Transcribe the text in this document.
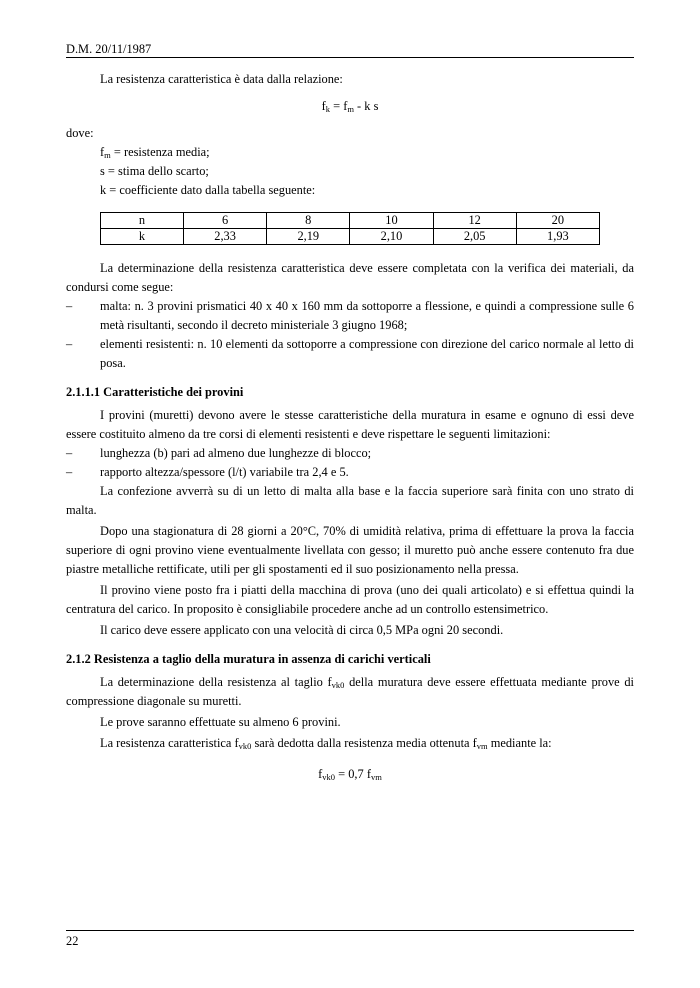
D.M. 20/11/1987

La resistenza caratteristica è data dalla relazione:

$f_k = f_m - k$ s

dove:

$f_m$ = resistenza media;

s = stima dello scarto;

k = coefficiente dato dalla tabella seguente:

n	6	8	10	12	20
k	2,33	2,19	2,10	2,05	1,93

La determinazione della resistenza caratteristica deve essere completata con la verifica dei materiali, da condursi come segue:

–	malta: n. 3 provini prismatici 40 x 40 x 160 mm da sottoporre a flessione, e quindi a compressione sulle 6 metà risultanti, secondo il decreto ministeriale 3 giugno 1968;
–	elementi resistenti: n. 10 elementi da sottoporre a compressione con direzione del carico normale al letto di posa.

2.1.1.1 Caratteristiche dei provini

I provini (muretti) devono avere le stesse caratteristiche della muratura in esame e ognuno di essi deve essere costituito almeno da tre corsi di elementi resistenti e deve rispettare le seguenti limitazioni:

–	lunghezza (b) pari ad almeno due lunghezze di blocco;
–	rapporto altezza/spessore (l/t) variabile tra 2,4 e 5.

La confezione avverrà su di un letto di malta alla base e la faccia superiore sarà finita con uno strato di malta.

Dopo una stagionatura di 28 giorni a 20°C, 70% di umidità relativa, prima di effettuare la prova la faccia superiore di ogni provino viene eventualmente livellata con gesso; il muretto può anche essere contenuto fra due piastre metalliche rettificate, utili per gli spostamenti ed il suo posizionamento nella pressa.

Il provino viene posto fra i piatti della macchina di prova (uno dei quali articolato) e si effettua quindi la centratura del carico. In proposito è consigliabile procedere anche ad un controllo estensimetrico.

Il carico deve essere applicato con una velocità di circa 0,5 MPa ogni 20 secondi.

2.1.2 Resistenza a taglio della muratura in assenza di carichi verticali

La determinazione della resistenza al taglio $f_{vk0}$ della muratura deve essere effettuata mediante prove di compressione diagonale su muretti.

Le prove saranno effettuate su almeno 6 provini.

La resistenza caratteristica $f_{vk0}$ sarà dedotta dalla resistenza media ottenuta $f_{vm}$ mediante la:

$f_{vk0} = 0,7$ $f_{vm}$

22
